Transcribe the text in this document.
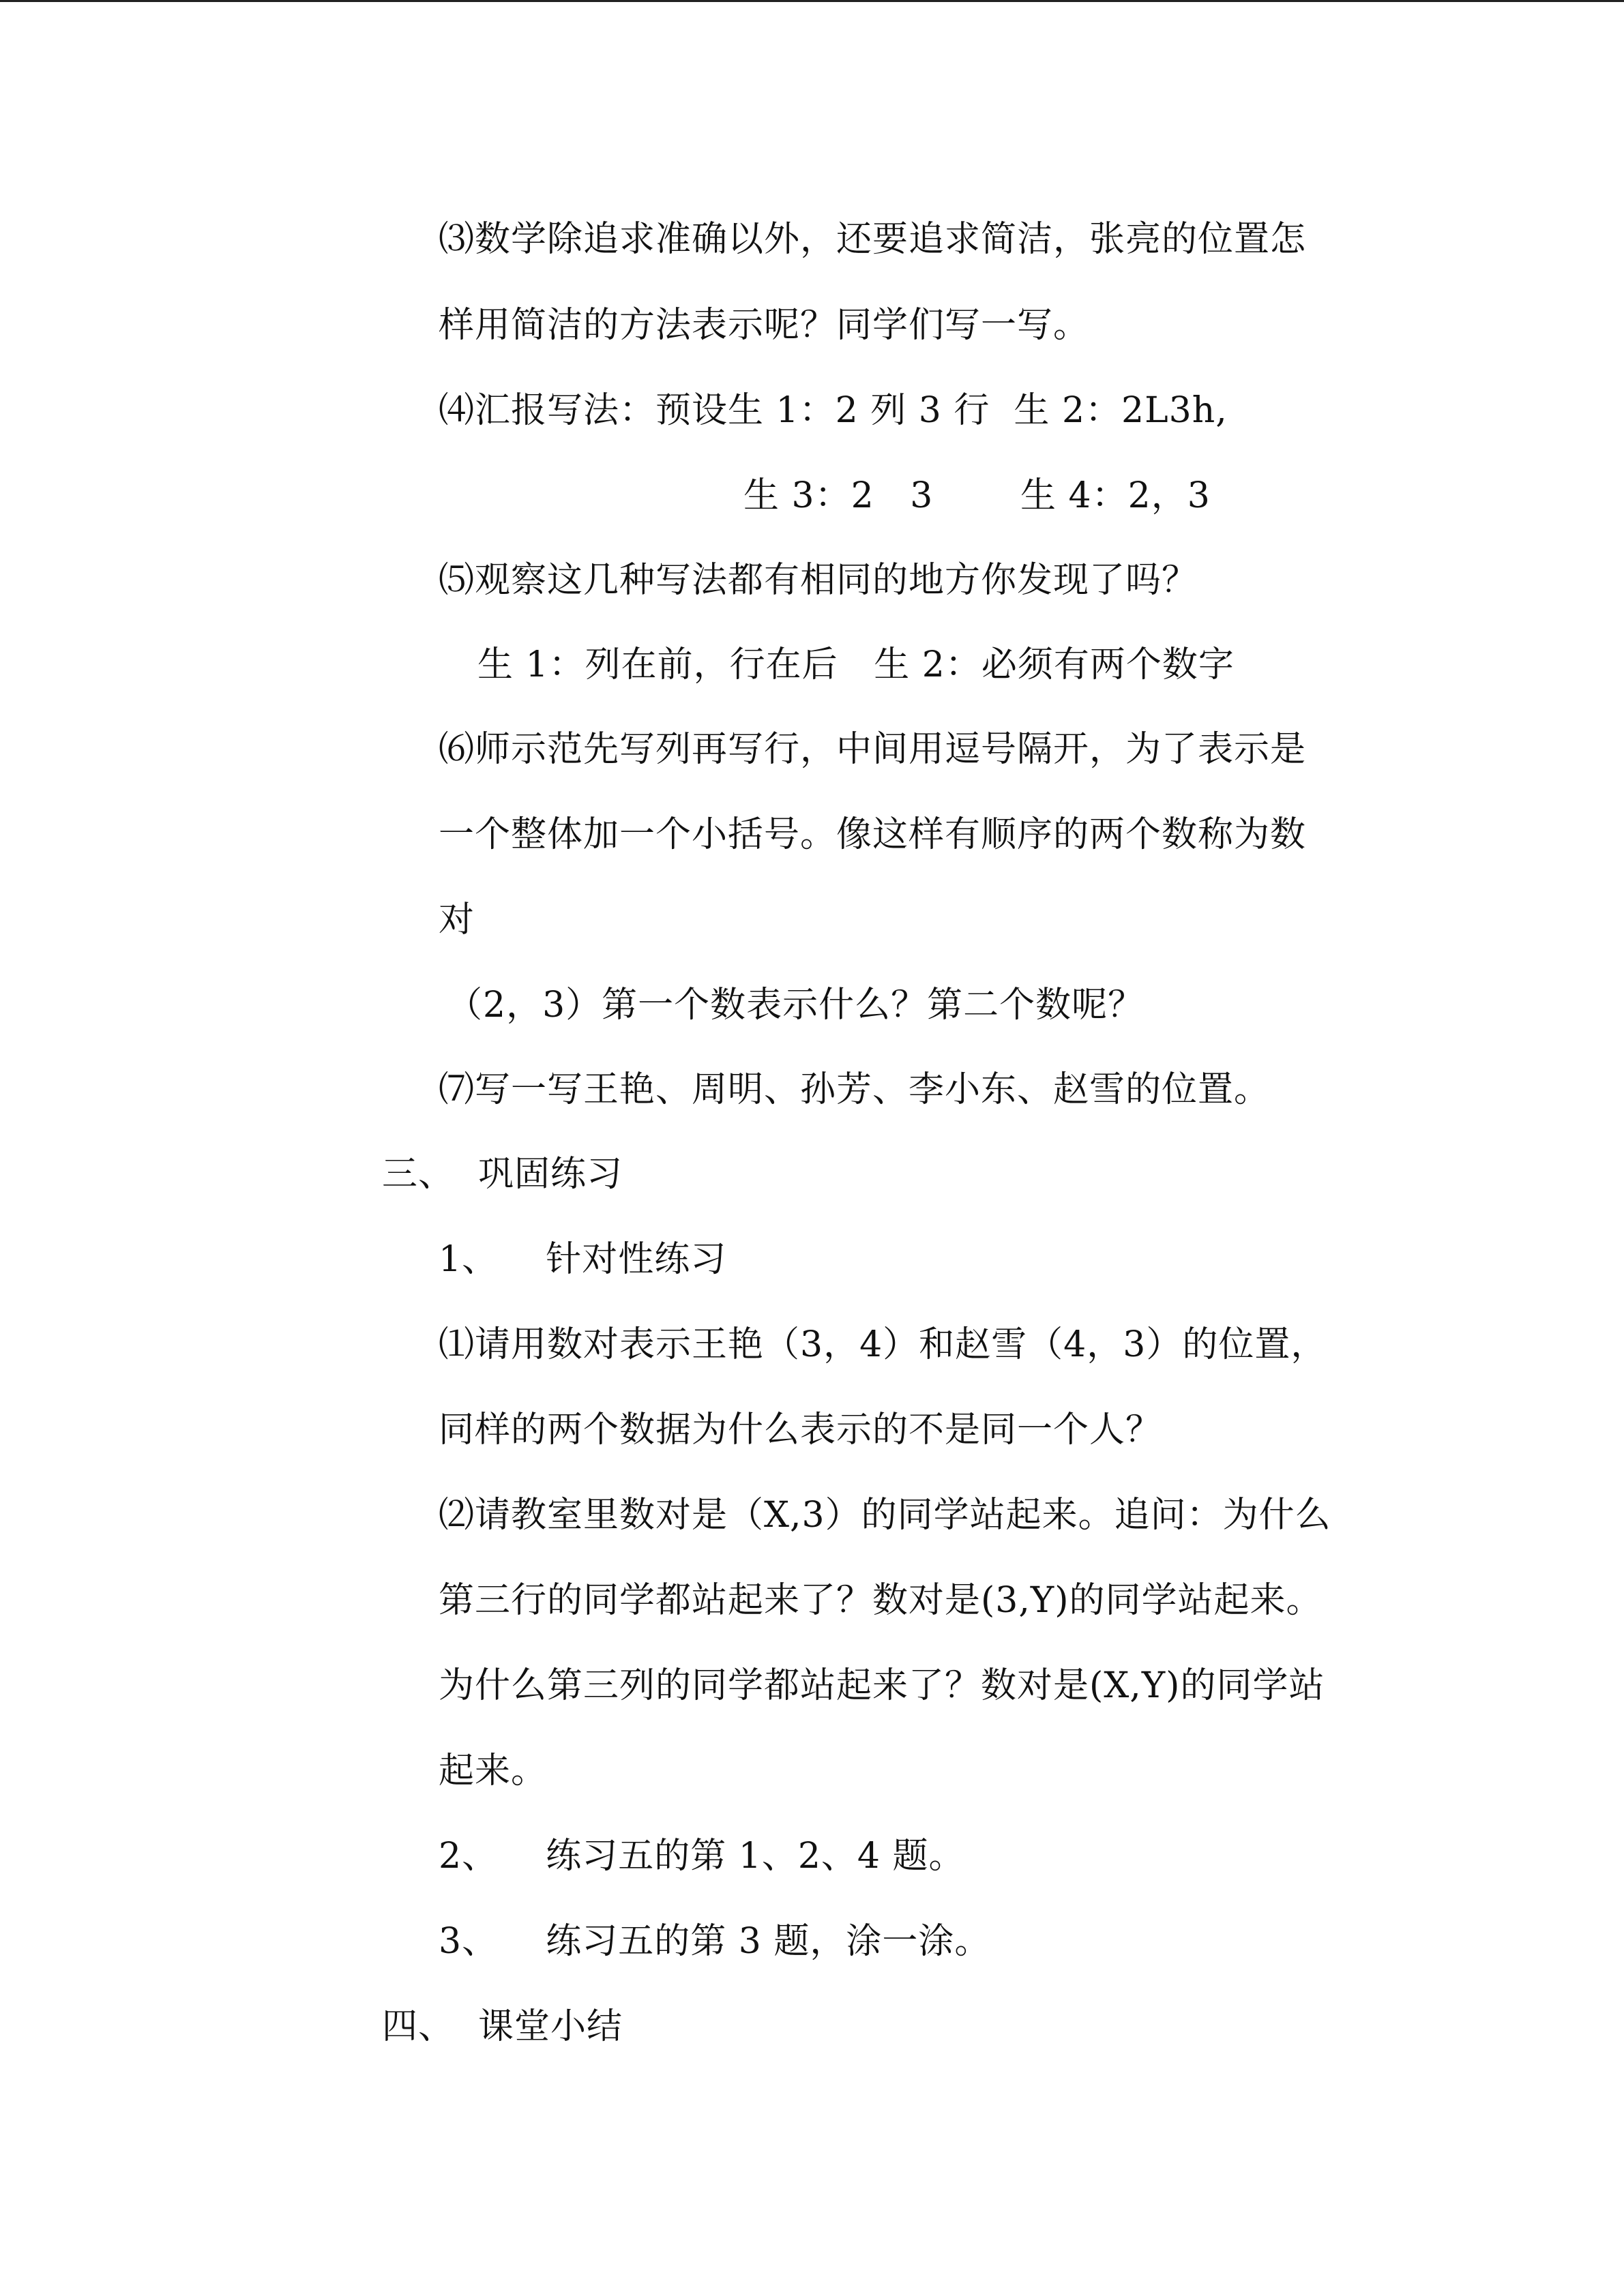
⑶数学除追求准确以外，还要追求简洁，张亮的位置怎
样用简洁的方法表示呢？同学们写一写。
⑷汇报写法：预设生 1：2 列 3 行  生 2：2L3h,
生 3：2   3 生 4：2，3
⑸观察这几种写法都有相同的地方你发现了吗？
生 1：列在前，行在后   生 2：必须有两个数字
⑹师示范先写列再写行，中间用逗号隔开，为了表示是
一个整体加一个小括号。像这样有顺序的两个数称为数
对
（2，3）第一个数表示什么？第二个数呢？
⑺写一写王艳、周明、孙芳、李小东、赵雪的位置。
三、  巩固练习
1、    针对性练习
⑴请用数对表示王艳（3，4）和赵雪（4，3）的位置，
同样的两个数据为什么表示的不是同一个人？
⑵请教室里数对是（X,3）的同学站起来。追问：为什么
第三行的同学都站起来了？数对是(3,Y)的同学站起来。
为什么第三列的同学都站起来了？数对是(X,Y)的同学站
起来。
2、    练习五的第 1、2、4 题。
3、    练习五的第 3 题，涂一涂。
四、  课堂小结
